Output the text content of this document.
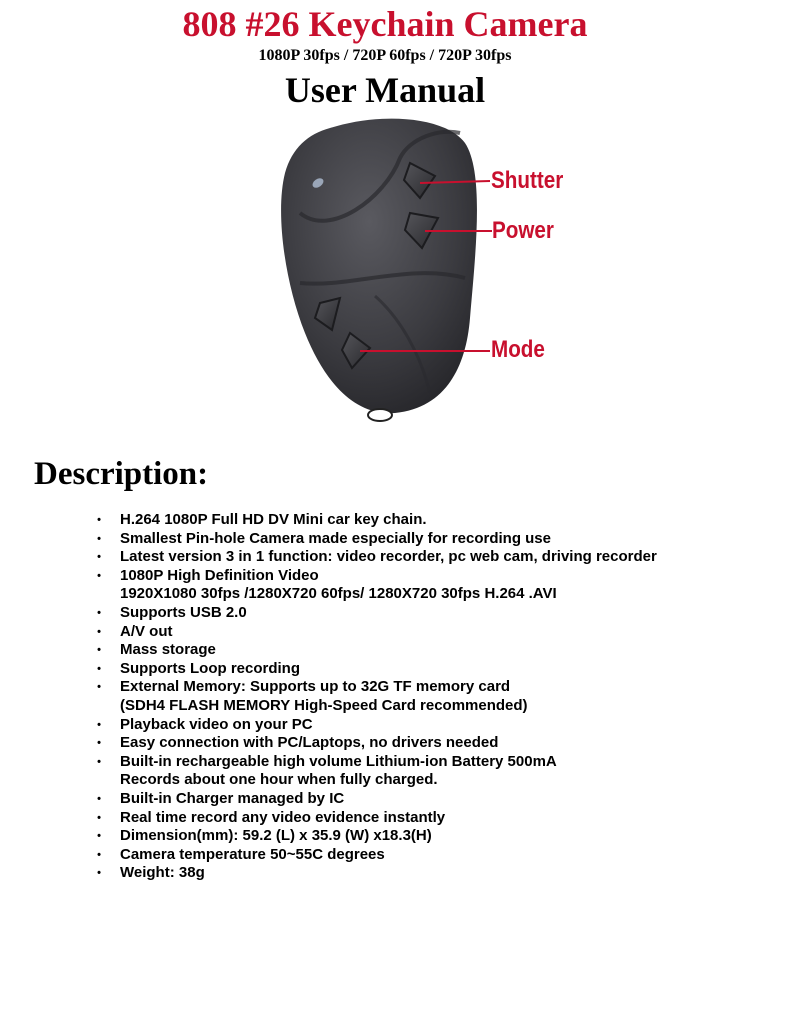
808 #26 Keychain Camera
1080P 30fps / 720P 60fps / 720P 30fps
User Manual
Shutter
Power
Mode
Description:
• H.264 1080P Full HD DV Mini car key chain.
• Smallest Pin-hole Camera made especially for recording use
• Latest version 3 in 1 function: video recorder, pc web cam, driving recorder
• 1080P High Definition Video
1920X1080 30fps /1280X720 60fps/ 1280X720 30fps H.264 .AVI
• Supports USB 2.0
• A/V out
• Mass storage
• Supports Loop recording
• External Memory: Supports up to 32G TF memory card
(SDH4 FLASH MEMORY High-Speed Card recommended)
• Playback video on your PC
• Easy connection with PC/Laptops, no drivers needed
• Built-in rechargeable high volume Lithium-ion Battery 500mA
Records about one hour when fully charged.
• Built-in Charger managed by IC
• Real time record any video evidence instantly
• Dimension(mm): 59.2 (L) x 35.9 (W) x18.3(H)
• Camera temperature 50~55C degrees
• Weight: 38g
